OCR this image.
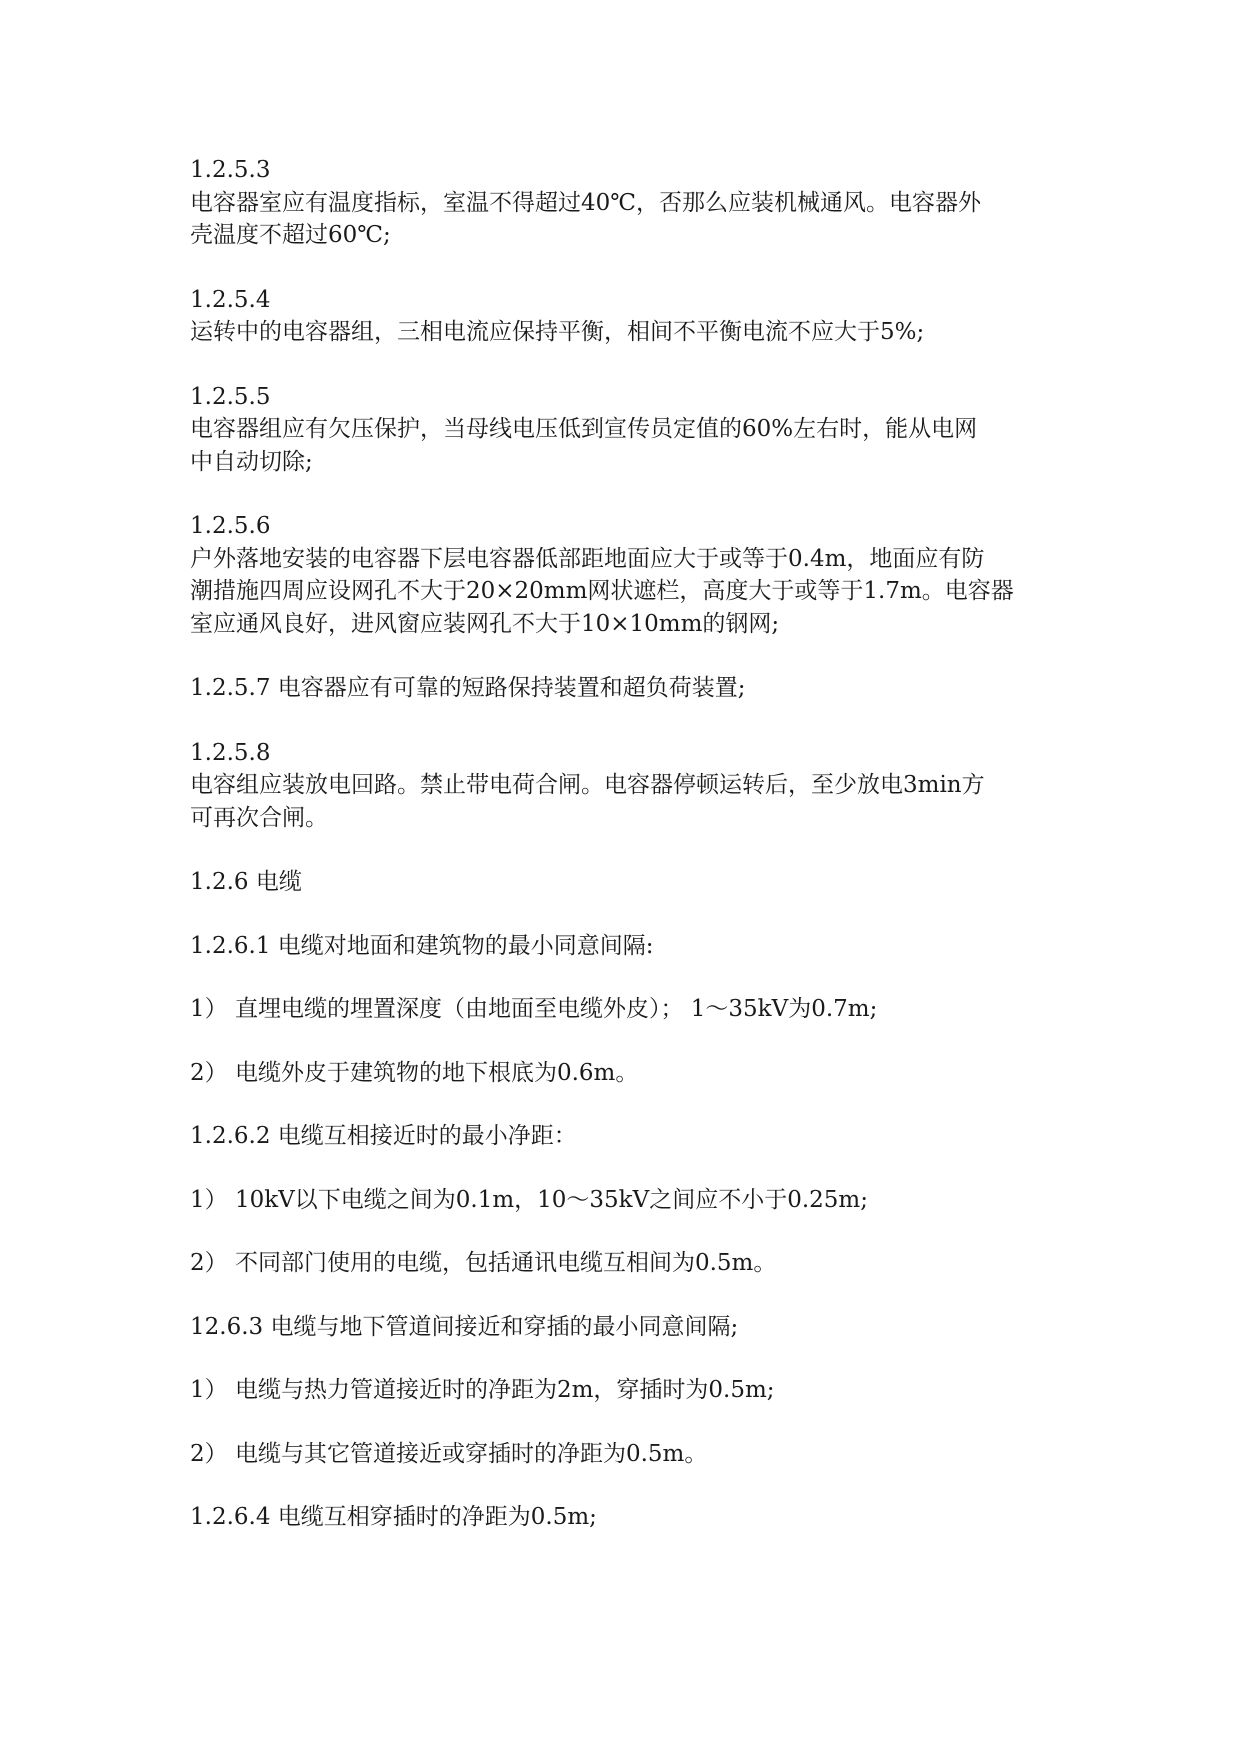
1.2.5.3

电容器室应有温度指标，室温不得超过40℃，否那么应装机械通风。电容器外

壳温度不超过60℃;

1.2.5.4

运转中的电容器组，三相电流应保持平衡，相间不平衡电流不应大于5%;

1.2.5.5

电容器组应有欠压保护，当母线电压低到宣传员定值的60%左右时，能从电网

中自动切除;

1.2.5.6

户外落地安装的电容器下层电容器低部距地面应大于或等于0.4m，地面应有防

潮措施四周应设网孔不大于20×20mm网状遮栏，高度大于或等于1.7m。电容器

室应通风良好，进风窗应装网孔不大于10×10mm的钢网;

1.2.5.7 电容器应有可靠的短路保持装置和超负荷装置;

1.2.5.8

电容组应装放电回路。禁止带电荷合闸。电容器停顿运转后，至少放电3min方

可再次合闸。

1.2.6 电缆

1.2.6.1 电缆对地面和建筑物的最小同意间隔:

1） 直埋电缆的埋置深度（由地面至电缆外皮）； 1～35kV为0.7m;

2） 电缆外皮于建筑物的地下根底为0.6m。

1.2.6.2 电缆互相接近时的最小净距：

1） 10kV以下电缆之间为0.1m，10～35kV之间应不小于0.25m;

2） 不同部门使用的电缆，包括通讯电缆互相间为0.5m。

12.6.3 电缆与地下管道间接近和穿插的最小同意间隔;

1） 电缆与热力管道接近时的净距为2m，穿插时为0.5m;

2） 电缆与其它管道接近或穿插时的净距为0.5m。

1.2.6.4 电缆互相穿插时的净距为0.5m;
